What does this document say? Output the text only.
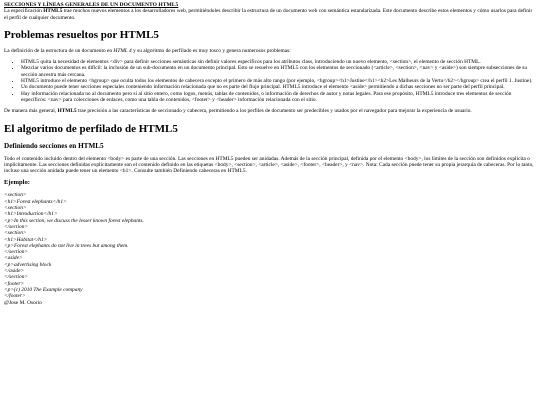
SECCIONES Y LÍNEAS GENERALES DE UN DOCUMENTO HTML5

La especificación HTML5 trae muchos nuevos elementos a los desarrolladores web, permitiéndoles describir la estructura de un documento web con semántica estandarizada. Este documento describe estos elementos y cómo usarlos para definir el perfil de cualquier documento.

Problemas resueltos por HTML5

La definición de la estructura de un documento en HTML 4 y su algoritmo de perfilado es muy tosco y genera numerosos problemas:

• HTML5 quita la necesidad de elementos <div> para definir secciones semánticas sin definir valores específicos para los atributos class, introduciendo un nuevo elemento, <section>, el elemento de sección HTML.
• Mezclar varios documentos es difícil: la inclusión de un sub-documento en un documento principal. Esto se resuelve en HTML5 con los elementos de seccionado (<article>, <section>, <nav> y <aside>) son siempre subsecciones de su sección ancestra más cercana.
• HTML5 introduce el elemento <hgroup> que oculta todos los elementos de cabecera excepto el primero de más alto rango (por ejemplo, <hgroup><h1>Justine</h1><h2>Les Malheurs de la Vertu</h2></hgroup> crea el perfil 1. Justine).
• Un documento puede tener secciones especiales conteniendo información relacionada que no es parte del flujo principal. HTML5 introduce el elemento <aside> permitiendo a dichas secciones no ser parte del perfil principal.
• Hay información relacionada no al documento pero sí al sitio entero, como logos, menús, tablas de contenidos, o información de derechos de autor y notas legales. Para ese propósito, HTML5 introduce tres elementos de sección específicos: <nav> para colecciones de enlaces, como una tabla de contenidos, <footer> y <header> información relacionada con el sitio.

De manera más general, HTML5 trae precisión a las características de seccionado y cabecera, permitiendo a los perfiles de documento ser predecibles y usados por el navegador para mejorar la experiencia de usuario.

El algoritmo de perfilado de HTML5
Definiendo secciones en HTML5

Todo el contenido incluido dentro del elemento <body> es parte de una sección. Las secciones en HTML5 pueden ser anidadas. Además de la sección principal, definida por el elemento <body>, los límites de la sección son definidos explícita o implícitamente. Las secciones definidas explícitamente son el contenido definido en las etiquetas <body>, <section>, <article>, <aside>, <footer>, <header>, y <nav>. Nota: Cada sección puede tener su propia jerarquía de cabeceras. Por lo tanto, incluso una sección anidada puede tener un elemento <h1>. Consulte también Definiendo cabeceras en HTML5.

Ejemplo:
<section>
<h1>Forest elephants</h1>
<section>
<h1>Introduction</h1>
<p>In this section, we discuss the lesser known forest elephants.
</section>
<section>
<h1>Habitat</h1>
<p>Forest elephants do not live in trees but among them.
</section>
<aside>
<p>advertising block
</aside>
</section>
<footer>
<p>(c) 2010 The Example company
</footer>
@Jose M. Osorio
